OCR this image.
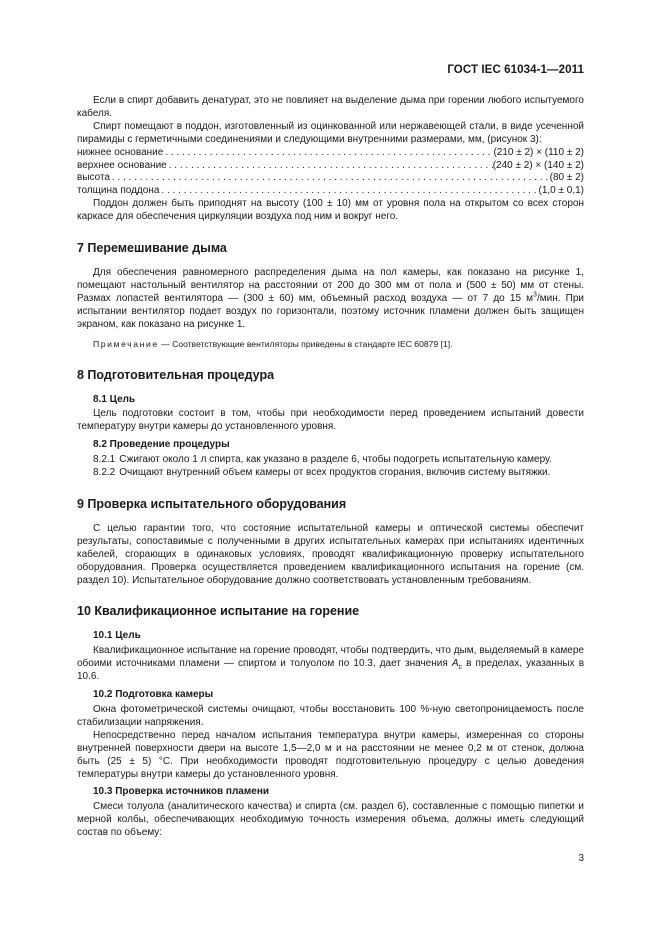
ГОСТ IEC 61034-1—2011

Если в спирт добавить денатурат, это не повлияет на выделение дыма при горении любого испытуемого кабеля.

Спирт помещают в поддон, изготовленный из оцинкованной или нержавеющей стали, в виде усеченной пирамиды с герметичными соединениями и следующими внутренними размерами, мм, (рисунок 3):

нижнее основание . . .	(210 ± 2) × (110 ± 2)
верхнее основание . . .	(240 ± 2) × (140 ± 2)
высота . . .	(80 ± 2)
толщина поддона . . .	(1,0 ± 0,1)

Поддон должен быть приподнят на высоту (100 ± 10) мм от уровня пола на открытом со всех сторон каркасе для обеспечения циркуляции воздуха под ним и вокруг него.

7 Перемешивание дыма

Для обеспечения равномерного распределения дыма на пол камеры, как показано на рисунке 1, помещают настольный вентилятор на расстоянии от 200 до 300 мм от пола и (500 ± 50) мм от стены. Размах лопастей вентилятора — (300 ± 60) мм, объемный расход воздуха — от 7 до 15 $м^3$/мин. При испытании вентилятор подает воздух по горизонтали, поэтому источник пламени должен быть защищен экраном, как показано на рисунке 1.

Примечание — Соответствующие вентиляторы приведены в стандарте IEC 60879 [1].

8 Подготовительная процедура
8.1 Цель

Цель подготовки состоит в том, чтобы при необходимости перед проведением испытаний довести температуру внутри камеры до установленного уровня.

8.2 Проведение процедуры

8.2.1 Сжигают около 1 л спирта, как указано в разделе 6, чтобы подогреть испытательную камеру.

8.2.2 Очищают внутренний объем камеры от всех продуктов сгорания, включив систему вытяжки.

9 Проверка испытательного оборудования

С целью гарантии того, что состояние испытательной камеры и оптической системы обеспечит результаты, сопоставимые с полученными в других испытательных камерах при испытаниях идентичных кабелей, сгорающих в одинаковых условиях, проводят квалификационную проверку испытательного оборудования. Проверка осуществляется проведением квалификационного испытания на горение (см. раздел 10). Испытательное оборудование должно соответствовать установленным требованиям.

10 Квалификационное испытание на горение
10.1 Цель

Квалификационное испытание на горение проводят, чтобы подтвердить, что дым, выделяемый в камере обоими источниками пламени — спиртом и толуолом по 10.3, дает значения $A_c$ в пределах, указанных в 10.6.

10.2 Подготовка камеры

Окна фотометрической системы очищают, чтобы восстановить 100 %-ную светопроницаемость после стабилизации напряжения.

Непосредственно перед началом испытания температура внутри камеры, измеренная со стороны внутренней поверхности двери на высоте 1,5—2,0 м и на расстоянии не менее 0,2 м от стенок, должна быть (25 ± 5) °С. При необходимости проводят подготовительную процедуру с целью доведения температуры внутри камеры до установленного уровня.

10.3 Проверка источников пламени

Смеси толуола (аналитического качества) и спирта (см. раздел 6), составленные с помощью пипетки и мерной колбы, обеспечивающих необходимую точность измерения объема, должны иметь следующий состав по объему:

3
